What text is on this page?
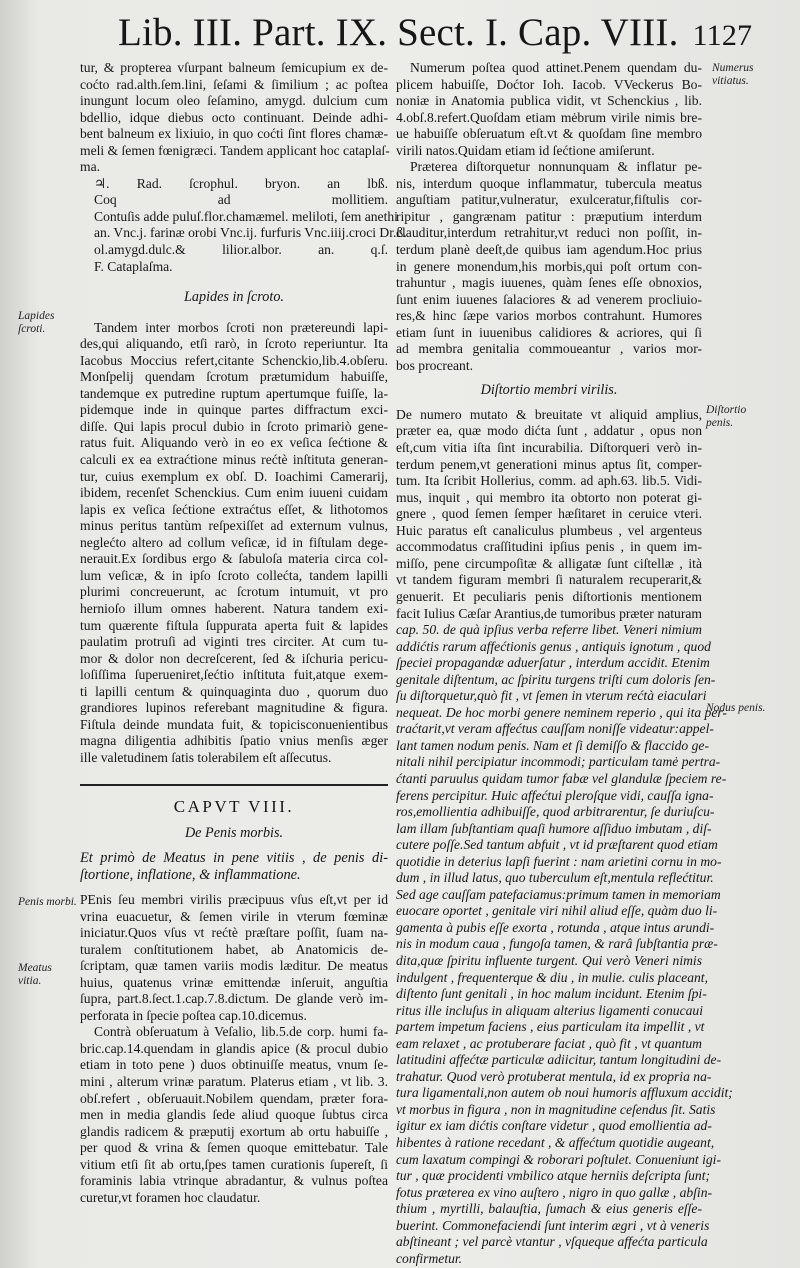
Lib. III. Part. IX. Sect. I. Cap. VIII. 1127
Lapides ſcroti.
Penis morbi.
Meatus vitia.
Numerus vitiatus.
Diſtortio penis.
Nodus penis.
tur, & propterea vſurpant balneum ſemicupium ex de-
coćto rad.alth.ſem.lini, ſeſami & ſimilium ; ac poſtea
inungunt locum oleo ſeſamino, amygd. dulcium cum
bdellio, idque diebus octo continuant. Deinde adhi-
bent balneum ex lixiuio, in quo coćti ſint flores chamæ-
meli & ſemen fœnigræci. Tandem applicant hoc cataplaſ-
ma.
♃. Rad. ſcrophul. bryon. an lbß.
Coq ad mollitiem.
Contuſis adde puluſ.flor.chamæmel. melilotі, ſem anethi
an. Vnc.j. farinæ orobi Vnc.ij. furfuris Vnc.iiij.croci Dr.ß.
ol.amygd.dulc.& lilior.albor. an. q.ſ.
F. Cataplaſma.
Lapides in ſcroto.
Tandem inter morbos ſcroti non prætereundi lapi-
des,qui aliquando, etſi rarò, in ſcroto reperiuntur. Ita
Iacobus Moccius refert,citante Schenckio,lib.4.obſeru.
Monſpelij quendam ſcrotum prætumidum habuiſſe,
tandemque ex putredine ruptum apertumque fuiſſe, la-
pidemque inde in quinque partes diffractum exci-
diſſe. Qui lapis procul dubio in ſcroto primariò gene-
ratus fuit. Aliquando verò in eo ex veſica ſećtione &
calculi ex ea extraćtione minus rećtè inſtituta generan-
tur, cuius exemplum ex obſ. D. Ioachimi Camerarij,
ibidem, recenſet Schenckius. Cum enim iuueni cuidam
lapis ex veſica ſećtione extraćtus eſſet, & lithotomos
minus peritus tantùm reſpexiſſet ad externum vulnus,
neglećto altero ad collum veſicæ, id in fiſtulam dege-
nerauit.Ex ſordibus ergo & ſabuloſa materia circa col-
lum veſicæ, & in ipſo ſcroto collećta, tandem lapilli
plurimi concreuerunt, ac ſcrotum intumuit, vt pro
hernioſo illum omnes haberent. Natura tandem exi-
tum quærente fiſtula ſuppurata aperta fuit & lapides
paulatim protruſi ad viginti tres circiter. At cum tu-
mor & dolor non decreſcerent, ſed & iſchuria pericu-
loſiſſima ſuperueniret,ſećtio inſtituta fuit,atque exem-
ti lapilli centum & quinquaginta duo , quorum duo
grandiores lupinos referebant magnitudine & figura.
Fiſtula deinde mundata fuit, & topicisconuenientibus
magna diligentia adhibitis ſpatio vnius menſis æger
ille valetudinem ſatis tolerabilem eſt aſſecutus.
CAPVT VIII.
De Penis morbis.
Et primò de Meatus in pene vitiis , de penis di-
ſtortione, inflatione, & inflammatione.
PEnis ſeu membri virilis præcipuus vſus eſt,vt per id
vrina euacuetur, & ſemen virile in vterum fœminæ
iniciatur.Quos vſus vt rećtè præſtare poſſit, ſuam na-
turalem conſtitutionem habet, ab Anatomicis de-
ſcriptam, quæ tamen variis modis læditur. De meatus
huius, quatenus vrinæ emittendæ inſeruit, anguſtia
ſupra, part.8.ſect.1.cap.7.8.dictum. De glande verò im-
perforata in ſpecie poſtea cap.10.dicemus.
Contrà obſeruatum à Veſalio, lib.5.de corp. humi fa-
bric.cap.14.quendam in glandis apice (& procul dubio
etiam in toto pene ) duos obtinuiſſe meatus, vnum ſe-
mini , alterum vrinæ paratum. Platerus etiam , vt lib. 3.
obſ.refert , obſeruauit.Nobilem quendam, præter fora-
men in media glandis ſede aliud quoque ſubtus circa
glandis radicem & præputij exortum ab ortu habuiſſe ,
per quod & vrina & ſemen quoque emittebatur. Tale
vitium etſi ſit ab ortu,ſpes tamen curationis ſupereſt, ſi
foraminis labia vtrinque abradantur, & vulnus poſtea
curetur,vt foramen hoc claudatur.
Numerum poſtea quod attinet.Penem quendam du-
plicem habuiſſe, Doćtor Ioh. Iacob. VVeckerus Bo-
noniæ in Anatomia publica vidit, vt Schenckius , lib.
4.obſ.8.refert.Quoſdam etiam mėbrum virile nimis bre-
ue habuiſſe obſeruatum eſt.vt & quoſdam ſine membro
virili natos.Quidam etiam id ſećtione amiſerunt.
Præterea diſtorquetur nonnunquam & inflatur pe-
nis, interdum quoque inflammatur, tubercula meatus
anguſtiam patitur,vulneratur, exulceratur,fiſtulis cor-
ripitur , gangrænam patitur : præputium interdum
clauditur,interdum retrahitur,vt reduci non poſſit, in-
terdum planè deeſt,de quibus iam agendum.Hoc prius
in genere monendum,his morbis,qui poſt ortum con-
trahuntur , magis iuuenes, quàm ſenes eſſe obnoxios,
ſunt enim iuuenes ſalaciores & ad venerem procliuio-
res,& hinc ſæpe varios morbos contrahunt. Humores
etiam ſunt in iuuenibus calidiores & acriores, qui ſi
ad membra genitalia commoueantur , varios mor-
bos procreant.
Diſtortio membri virilis.
De numero mutato & breuitate vt aliquid amplius,
præter ea, quæ modo dićta ſunt , addatur , opus non
eſt,cum vitia iſta ſint incurabilia. Diſtorqueri verò in-
terdum penem,vt generationi minus aptus ſit, comper-
tum. Ita ſcribit Hollerius, comm. ad aph.63. lib.5. Vidi-
mus, inquit , qui membro ita obtorto non poterat gi-
gnere , quod ſemen ſemper hæſitaret in ceruice vteri.
Huic paratus eſt canaliculus plumbeus , vel argenteus
accommodatus craſſitudini ipſius penis , in quem im-
miſſo, pene circumpoſitæ & alligatæ ſunt ciſtellæ , ità
vt tandem figuram membri ſi naturalem recuperarit,&
genuerit. Et peculiaris penis diſtortionis mentionem
facit Iulius Cæſar Arantius,de tumoribus præter naturam
cap. 50. de quà ipſius verba referre libet. Veneri nimium
addićtis rarum affećtionis genus , antiquis ignotum , quod
ſpeciei propagandæ aduerſatur , interdum accidit. Etenim
genitale diſtentum, ac ſpiritu turgens triſti cum doloris ſen-
ſu diſtorquetur,quò fit , vt ſemen in vterum rećtà eiaculari
nequeat. De hoc morbi genere neminem reperio , qui ita per-
traćtarit,vt veram affećtus cauſſam noniſſe videatur:appel-
lant tamen nodum penis. Nam et ſi demiſſo & flaccido ge-
nitali nihil percipiatur incommodi; particulam tamė pertra-
ćtanti paruulus quidam tumor fabæ vel glandulæ ſpeciem re-
ferens percipitur. Huic affećtui pleroſque vidi, cauſſa igna-
ros,emollientia adhibuiſſe, quod arbitrarentur, ſe duriuſcu-
lam illam ſubſtantiam quaſi humore aſſiduo imbutam , diſ-
cutere poſſe.Sed tantum abfuit , vt id præſtarent quod etiam
quotidie in deterius lapſi fuerint : nam arietini cornu in mo-
dum , in illud latus, quo tuberculum eſt,mentula reflećtitur.
Sed age cauſſam patefaciamus:primum tamen in memoriam
euocare oportet , genitale viri nihil aliud eſſe, quàm duo li-
gamenta à pubis eſſe exorta , rotunda , atque intus arundi-
nis in modum caua , fungoſa tamen, & rarâ ſubſtantia præ-
dita,quæ ſpiritu influente turgent. Qui verò Veneri nimis
indulgent , frequenterque & diu , in mulie. culis placeant,
diſtento ſunt genitali , in hoc malum incidunt. Etenim ſpi-
ritus ille incluſus in aliquam alterius ligamenti conucaui
partem impetum faciens , eius particulam ita impellit , vt
eam relaxet , ac protuberare faciat , quò fit , vt quantum
latitudini affećtæ particulæ adiicitur, tantum longitudini de-
trahatur. Quod verò protuberat mentula, id ex propria na-
tura ligamentali,non autem ob noui humoris affluxum accidit;
vt morbus in figura , non in magnitudine ceſendus ſit. Satis
igitur ex iam dićtis conſtare videtur , quod emollientia ad-
hibentes à ratione recedant , & affećtum quotidie augeant,
cum laxatum compingi & roborari poſtulet. Conueniunt igi-
tur , quæ procidenti vmbilico atque herniis deſcripta ſunt;
fotus præterea ex vino auſtero , nigro in quo gallæ , abſin-
thium , myrtilli, balauſtia, ſumach & eius generis eſſe-
buerint. Commonefaciendi ſunt interim ægri , vt à veneris
abſtineant ; vel parcè vtantur , vſqueque affećta particula
confirmetur.
